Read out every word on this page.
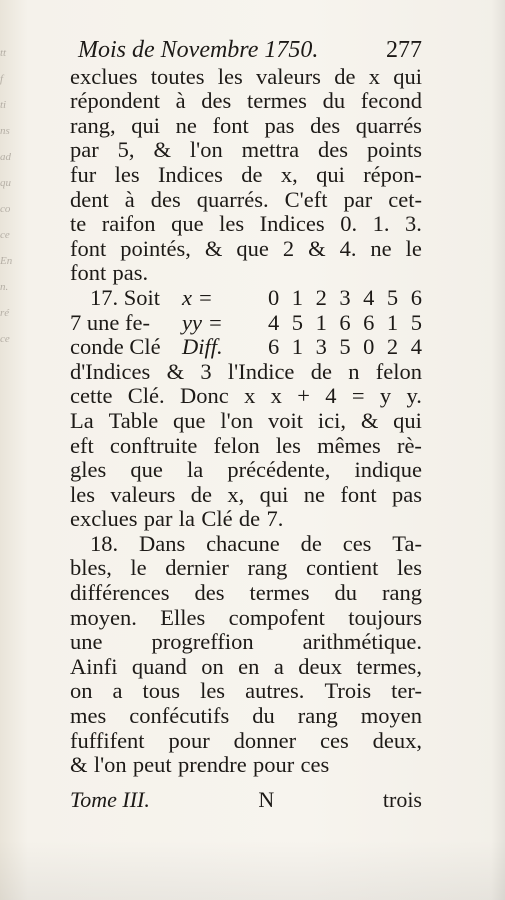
tt
f
ti
ns
ad
qu
co
ce
En
n.
ré
ce
Mois de Novembre 1750.	277
exclues toutes les valeurs de x qui
répondent à des termes du fecond
rang, qui ne font pas des quarrés
par 5, & l'on mettra des points
fur les Indices de x, qui répon-
dent à des quarrés. C'eft par cet-
te raifon que les Indices 0. 1. 3.
font pointés, & que 2 & 4. ne le
font pas.
17. Soit x =	0 1 2 3 4 5 6
7 une fe-	yy =	4 5 1 6 6 1 5
conde Clé Diff.	6 1 3 5 0 2 4
d'Indices & 3 l'Indice de n felon
cette Clé. Donc x x + 4 = y y.
La Table que l'on voit ici, & qui
eft conftruite felon les mêmes rè-
gles que la précédente, indique
les valeurs de x, qui ne font pas
exclues par la Clé de 7.
18. Dans chacune de ces Ta-
bles, le dernier rang contient les
différences des termes du rang
moyen. Elles compofent toujours
une progreffion arithmétique.
Ainfi quand on en a deux termes,
on a tous les autres. Trois ter-
mes confécutifs du rang moyen
fuffifent pour donner ces deux,
& l'on peut prendre pour ces
Tome III.	N	trois
